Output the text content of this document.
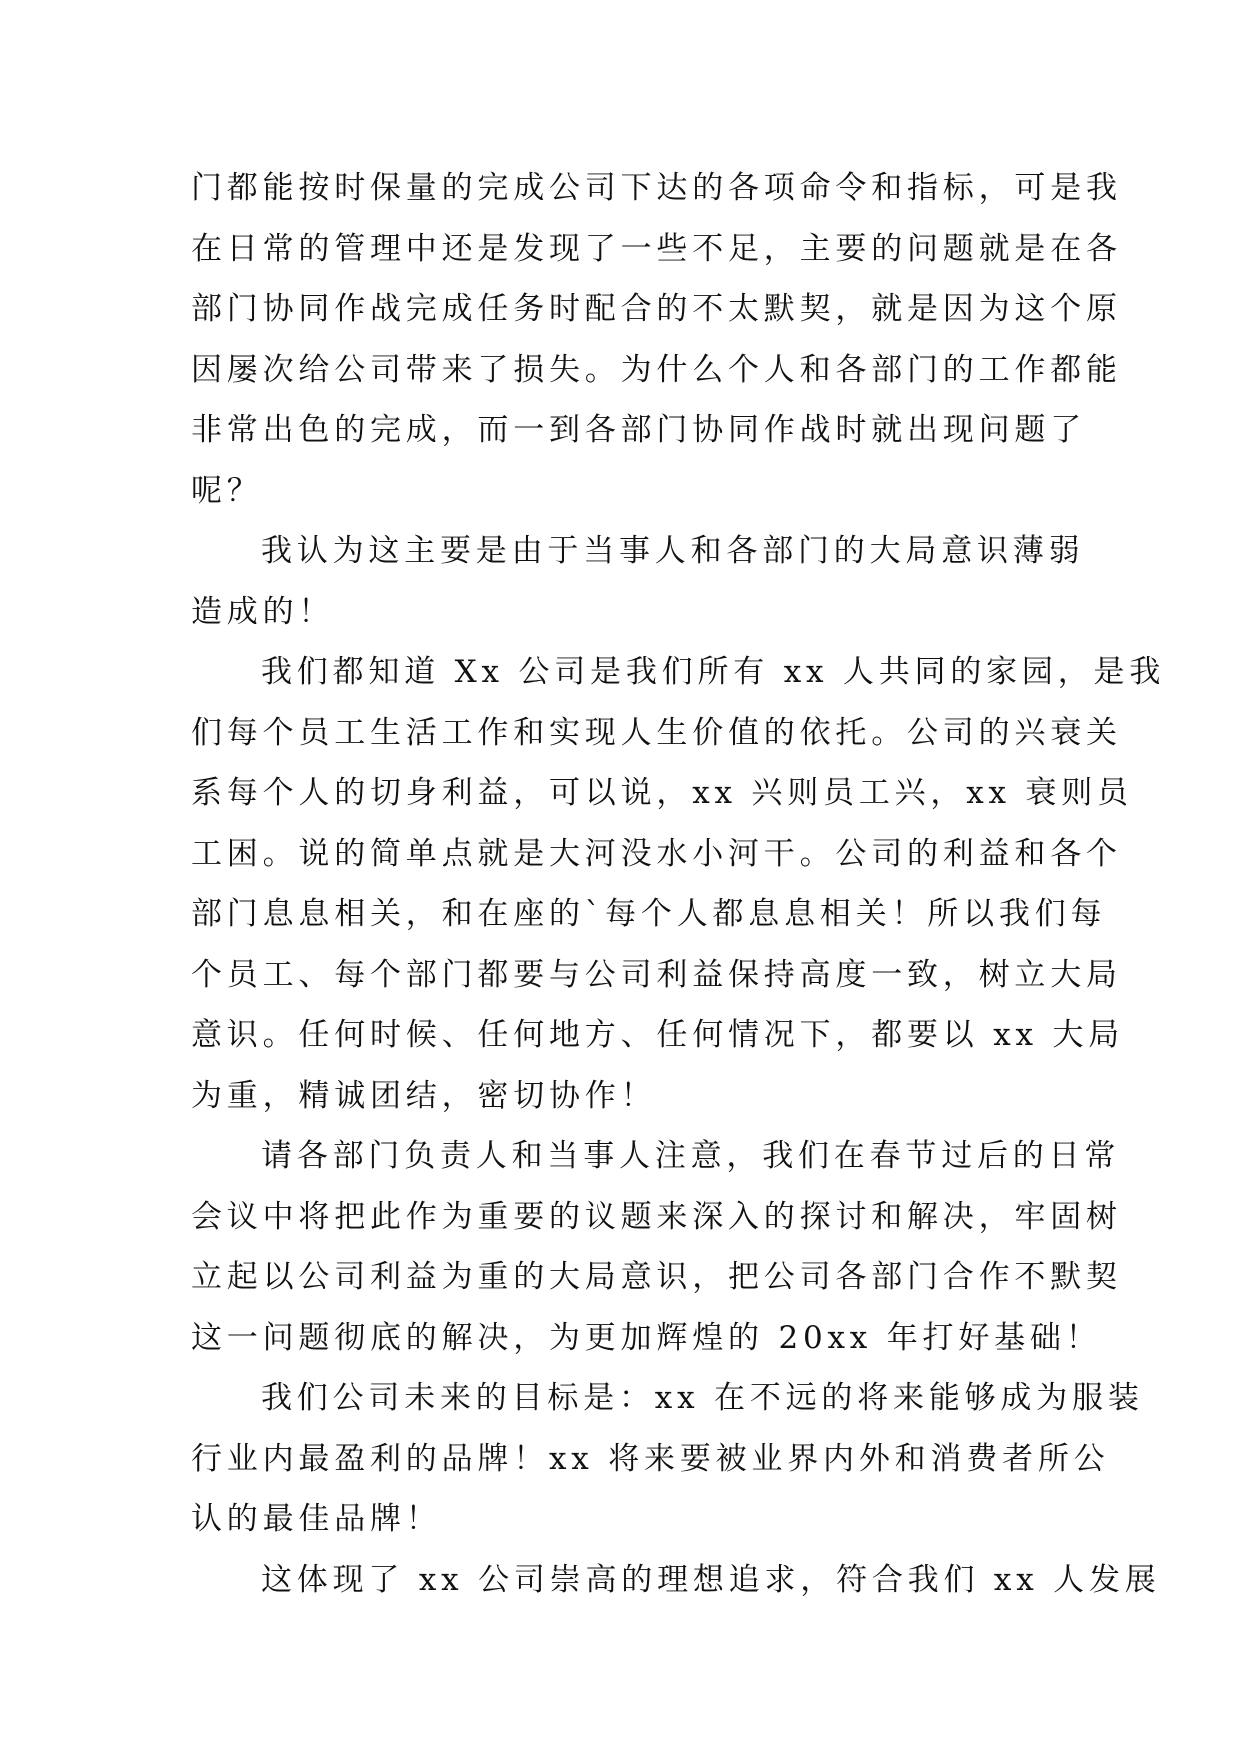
门都能按时保量的完成公司下达的各项命令和指标，可是我
在日常的管理中还是发现了一些不足，主要的问题就是在各
部门协同作战完成任务时配合的不太默契，就是因为这个原
因屡次给公司带来了损失。为什么个人和各部门的工作都能
非常出色的完成，而一到各部门协同作战时就出现问题了
呢？
我认为这主要是由于当事人和各部门的大局意识薄弱
造成的！
我们都知道 Xx 公司是我们所有 xx 人共同的家园，是我
们每个员工生活工作和实现人生价值的依托。公司的兴衰关
系每个人的切身利益，可以说，xx 兴则员工兴，xx 衰则员
工困。说的简单点就是大河没水小河干。公司的利益和各个
部门息息相关，和在座的`每个人都息息相关！所以我们每
个员工、每个部门都要与公司利益保持高度一致，树立大局
意识。任何时候、任何地方、任何情况下，都要以 xx 大局
为重，精诚团结，密切协作！
请各部门负责人和当事人注意，我们在春节过后的日常
会议中将把此作为重要的议题来深入的探讨和解决，牢固树
立起以公司利益为重的大局意识，把公司各部门合作不默契
这一问题彻底的解决，为更加辉煌的 20xx 年打好基础！
我们公司未来的目标是：xx 在不远的将来能够成为服装
行业内最盈利的品牌！xx 将来要被业界内外和消费者所公
认的最佳品牌！
这体现了 xx 公司崇高的理想追求，符合我们 xx 人发展
